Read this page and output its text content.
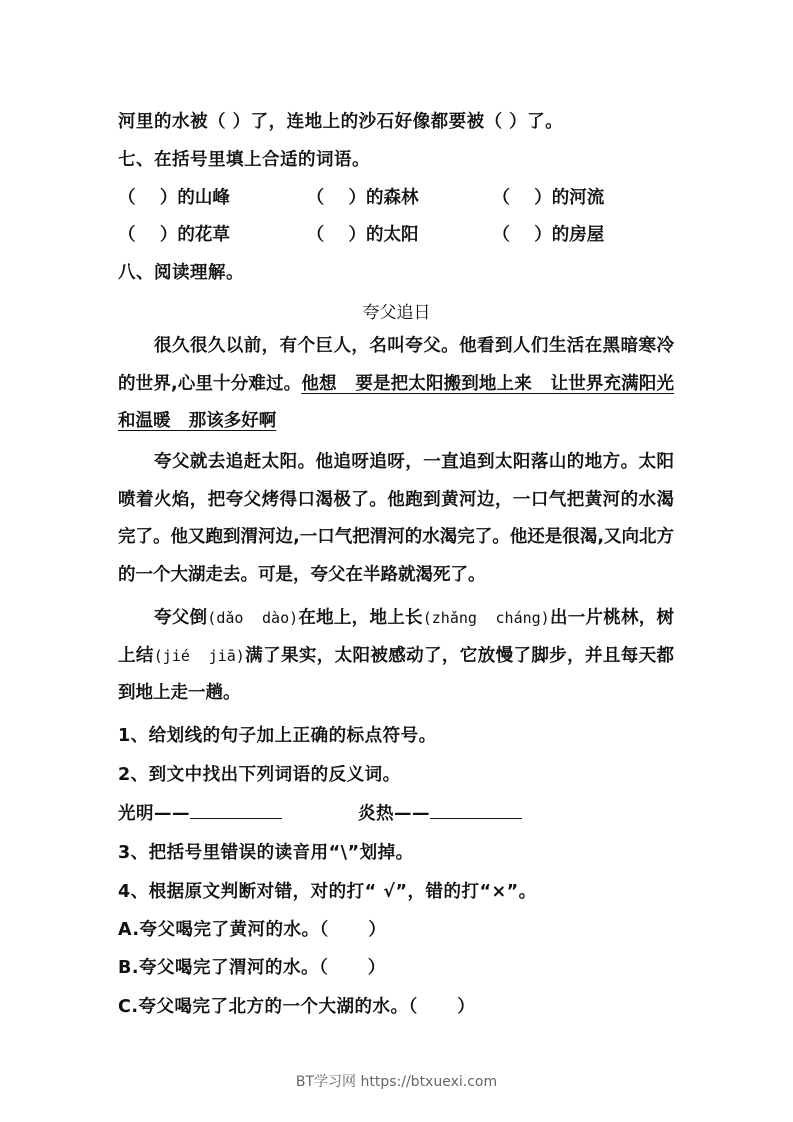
河里的水被（ ）了，连地上的沙石好像都要被（ ）了。
七、在括号里填上合适的词语。
（    ）的山峰	（    ）的森林	（    ）的河流
（    ）的花草	（    ）的太阳	（    ）的房屋
八、阅读理解。
夸父追日
很久很久以前，有个巨人，名叫夸父。他看到人们生活在黑暗寒冷的世界,心里十分难过。他想   要是把太阳搬到地上来   让世界充满阳光和温暖   那该多好啊
夸父就去追赶太阳。他追呀追呀，一直追到太阳落山的地方。太阳喷着火焰，把夸父烤得口渴极了。他跑到黄河边，一口气把黄河的水渴完了。他又跑到渭河边,一口气把渭河的水渴完了。他还是很渴,又向北方的一个大湖走去。可是，夸父在半路就渴死了。
夸父倒(dǎo  dào)在地上，地上长(zhǎng  cháng)出一片桃林，树上结(jié  jiā)满了果实，太阳被感动了，它放慢了脚步，并且每天都到地上走一趟。
1、给划线的句子加上正确的标点符号。
2、到文中找出下列词语的反义词。
光明——	炎热——
3、把括号里错误的读音用“\”划掉。
4、根据原文判断对错，对的打“ √”，错的打“×”。
A.夸父喝完了黄河的水。（      ）
B.夸父喝完了渭河的水。（      ）
C.夸父喝完了北方的一个大湖的水。（      ）
BT学习网 https://btxuexi.com
